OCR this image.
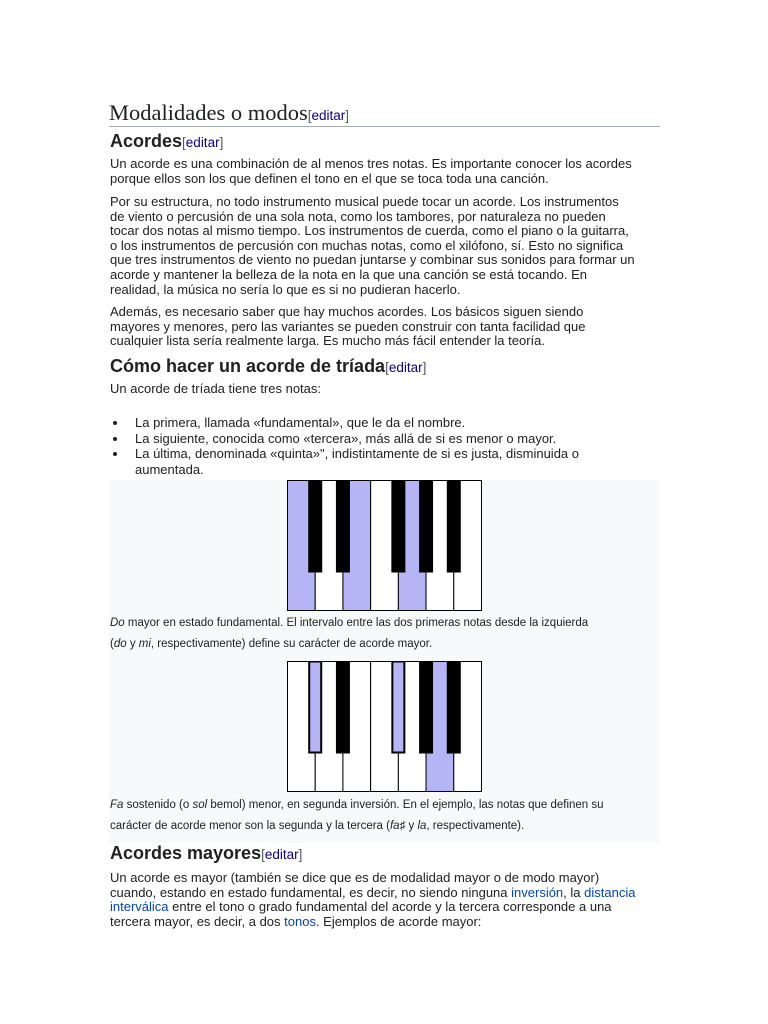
Modalidades o modos[editar]
Acordes[editar]
Un acorde es una combinación de al menos tres notas. Es importante conocer los acordes
porque ellos son los que definen el tono en el que se toca toda una canción.
Por su estructura, no todo instrumento musical puede tocar un acorde. Los instrumentos
de viento o percusión de una sola nota, como los tambores, por naturaleza no pueden
tocar dos notas al mismo tiempo. Los instrumentos de cuerda, como el piano o la guitarra,
o los instrumentos de percusión con muchas notas, como el xilófono, sí. Esto no significa
que tres instrumentos de viento no puedan juntarse y combinar sus sonidos para formar un
acorde y mantener la belleza de la nota en la que una canción se está tocando. En
realidad, la música no sería lo que es si no pudieran hacerlo.
Además, es necesario saber que hay muchos acordes. Los básicos siguen siendo
mayores y menores, pero las variantes se pueden construir con tanta facilidad que
cualquier lista sería realmente larga. Es mucho más fácil entender la teoría.
Cómo hacer un acorde de tríada[editar]
Un acorde de tríada tiene tres notas:
La primera, llamada «fundamental», que le da el nombre.
La siguiente, conocida como «tercera», más allá de si es menor o mayor.
La última, denominada «quinta»", indistintamente de si es justa, disminuida o
aumentada.
Do mayor en estado fundamental. El intervalo entre las dos primeras notas desde la izquierda
(do y mi, respectivamente) define su carácter de acorde mayor.
Fa sostenido (o sol bemol) menor, en segunda inversión. En el ejemplo, las notas que definen su
carácter de acorde menor son la segunda y la tercera (fa♯ y la, respectivamente).
Acordes mayores[editar]
Un acorde es mayor (también se dice que es de modalidad mayor o de modo mayor)
cuando, estando en estado fundamental, es decir, no siendo ninguna inversión, la distancia
interválica entre el tono o grado fundamental del acorde y la tercera corresponde a una
tercera mayor, es decir, a dos tonos. Ejemplos de acorde mayor:
